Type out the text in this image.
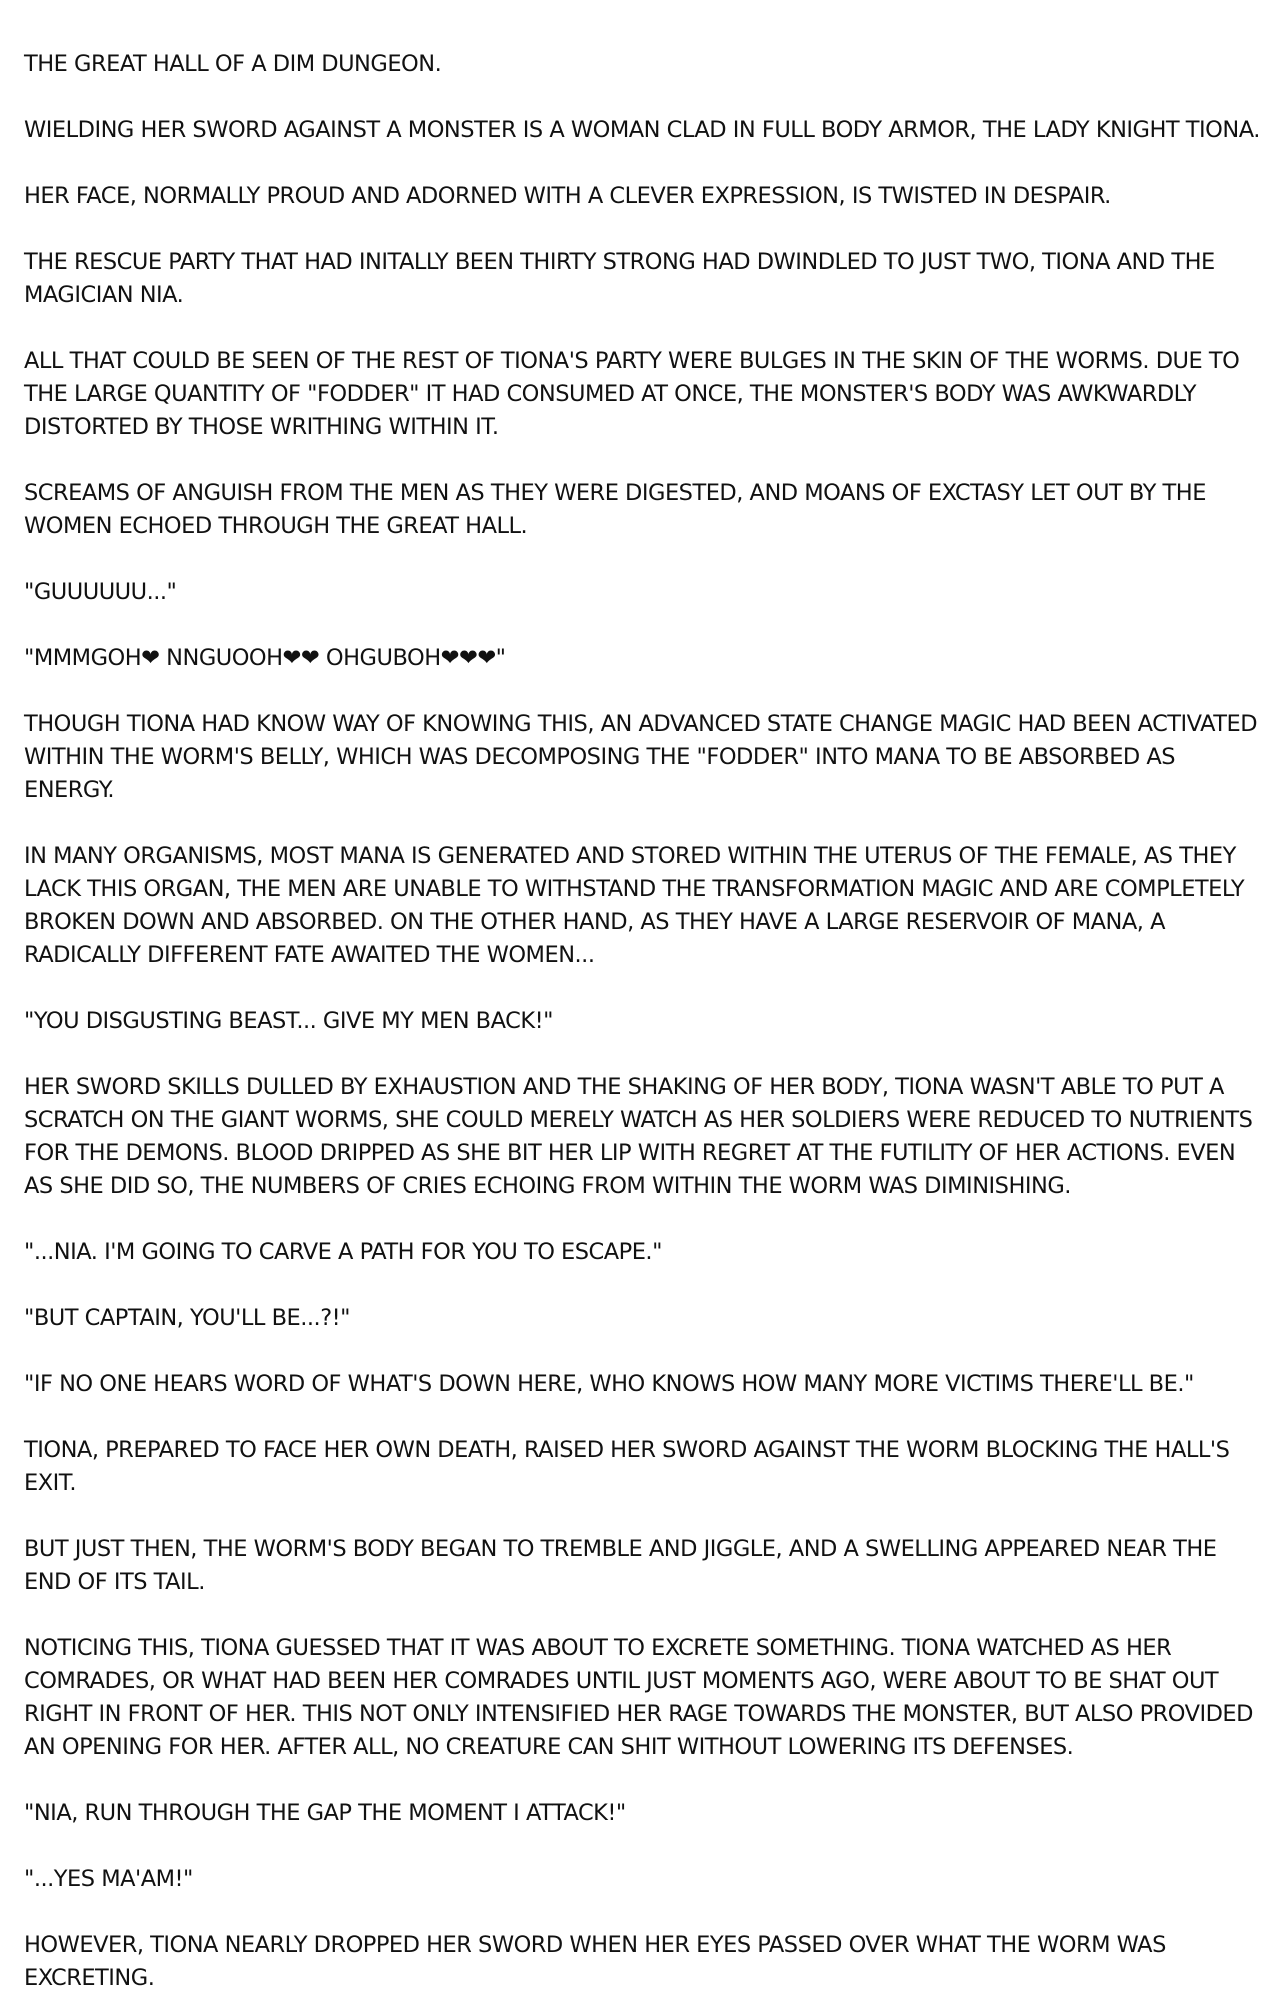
THE GREAT HALL OF A DIM DUNGEON.

WIELDING HER SWORD AGAINST A MONSTER IS A WOMAN CLAD IN FULL BODY ARMOR, THE LADY KNIGHT TIONA.

HER FACE, NORMALLY PROUD AND ADORNED WITH A CLEVER EXPRESSION, IS TWISTED IN DESPAIR.

THE RESCUE PARTY THAT HAD INITALLY BEEN THIRTY STRONG HAD DWINDLED TO JUST TWO, TIONA AND THE MAGICIAN NIA.

ALL THAT COULD BE SEEN OF THE REST OF TIONA'S PARTY WERE BULGES IN THE SKIN OF THE WORMS. DUE TO THE LARGE QUANTITY OF "FODDER" IT HAD CONSUMED AT ONCE, THE MONSTER'S BODY WAS AWKWARDLY DISTORTED BY THOSE WRITHING WITHIN IT.

SCREAMS OF ANGUISH FROM THE MEN AS THEY WERE DIGESTED, AND MOANS OF EXCTASY LET OUT BY THE WOMEN ECHOED THROUGH THE GREAT HALL.

"GUUUUUU..."

"MMMGOH❤ NNGUOOH❤❤ OHGUBOH❤❤❤"

THOUGH TIONA HAD KNOW WAY OF KNOWING THIS, AN ADVANCED STATE CHANGE MAGIC HAD BEEN ACTIVATED WITHIN THE WORM'S BELLY, WHICH WAS DECOMPOSING THE "FODDER" INTO MANA TO BE ABSORBED AS ENERGY.

IN MANY ORGANISMS, MOST MANA IS GENERATED AND STORED WITHIN THE UTERUS OF THE FEMALE, AS THEY LACK THIS ORGAN, THE MEN ARE UNABLE TO WITHSTAND THE TRANSFORMATION MAGIC AND ARE COMPLETELY BROKEN DOWN AND ABSORBED. ON THE OTHER HAND, AS THEY HAVE A LARGE RESERVOIR OF MANA, A RADICALLY DIFFERENT FATE AWAITED THE WOMEN...

"YOU DISGUSTING BEAST... GIVE MY MEN BACK!"

HER SWORD SKILLS DULLED BY EXHAUSTION AND THE SHAKING OF HER BODY, TIONA WASN'T ABLE TO PUT A SCRATCH ON THE GIANT WORMS, SHE COULD MERELY WATCH AS HER SOLDIERS WERE REDUCED TO NUTRIENTS FOR THE DEMONS. BLOOD DRIPPED AS SHE BIT HER LIP WITH REGRET AT THE FUTILITY OF HER ACTIONS. EVEN AS SHE DID SO, THE NUMBERS OF CRIES ECHOING FROM WITHIN THE WORM WAS DIMINISHING.

"...NIA. I'M GOING TO CARVE A PATH FOR YOU TO ESCAPE."

"BUT CAPTAIN, YOU'LL BE...?!"

"IF NO ONE HEARS WORD OF WHAT'S DOWN HERE, WHO KNOWS HOW MANY MORE VICTIMS THERE'LL BE."

TIONA, PREPARED TO FACE HER OWN DEATH, RAISED HER SWORD AGAINST THE WORM BLOCKING THE HALL'S EXIT.

BUT JUST THEN, THE WORM'S BODY BEGAN TO TREMBLE AND JIGGLE, AND A SWELLING APPEARED NEAR THE END OF ITS TAIL.

NOTICING THIS, TIONA GUESSED THAT IT WAS ABOUT TO EXCRETE SOMETHING. TIONA WATCHED AS HER COMRADES, OR WHAT HAD BEEN HER COMRADES UNTIL JUST MOMENTS AGO, WERE ABOUT TO BE SHAT OUT RIGHT IN FRONT OF HER. THIS NOT ONLY INTENSIFIED HER RAGE TOWARDS THE MONSTER, BUT ALSO PROVIDED AN OPENING FOR HER. AFTER ALL, NO CREATURE CAN SHIT WITHOUT LOWERING ITS DEFENSES.

"NIA, RUN THROUGH THE GAP THE MOMENT I ATTACK!"

"...YES MA'AM!"

HOWEVER, TIONA NEARLY DROPPED HER SWORD WHEN HER EYES PASSED OVER WHAT THE WORM WAS EXCRETING.
